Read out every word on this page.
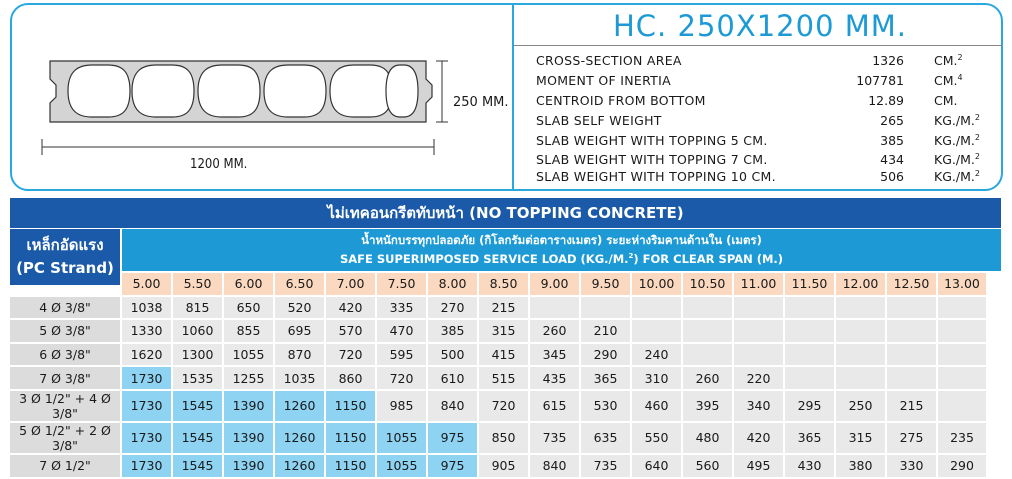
1200 MM.
250 MM.
HC. 250X1200 MM.
CROSS-SECTION AREA	1326 CM.$^2$
MOMENT OF INERTIA	107781 CM.$^4$
CENTROID FROM BOTTOM	12.89 CM.
SLAB SELF WEIGHT	265 KG./M.$^2$
SLAB WEIGHT WITH TOPPING 5 CM.	385 KG./M.$^2$
SLAB WEIGHT WITH TOPPING 7 CM.	434 KG./M.$^2$
SLAB WEIGHT WITH TOPPING 10 CM.	506 KG./M.$^2$
ไม่เทคอนกรีตทับหน้า (NO TOPPING CONCRETE)
เหล็กอัดแรง
(PC Strand)
น้ำหนักบรรทุกปลอดภัย (กิโลกรัมต่อตารางเมตร) ระยะห่างริมคานด้านใน (เมตร)
SAFE SUPERIMPOSED SERVICE LOAD (KG./M.$^2$) FOR CLEAR SPAN (M.)
	5.00	5.50	6.00	6.50	7.00	7.50	8.00	8.50	9.00	9.50	10.00	10.50	11.00	11.50	12.00	12.50	13.00
4 Ø 3/8"	1038	815	650	520	420	335	270	215									
5 Ø 3/8"	1330	1060	855	695	570	470	385	315	260	210							
6 Ø 3/8"	1620	1300	1055	870	720	595	500	415	345	290	240						
7 Ø 3/8"	1730	1535	1255	1035	860	720	610	515	435	365	310	260	220				
3 Ø 1/2" + 4 Ø 3/8"	1730	1545	1390	1260	1150	985	840	720	615	530	460	395	340	295	250	215	
5 Ø 1/2" + 2 Ø 3/8"	1730	1545	1390	1260	1150	1055	975	850	735	635	550	480	420	365	315	275	235
7 Ø 1/2"	1730	1545	1390	1260	1150	1055	975	905	840	735	640	560	495	430	380	330	290
